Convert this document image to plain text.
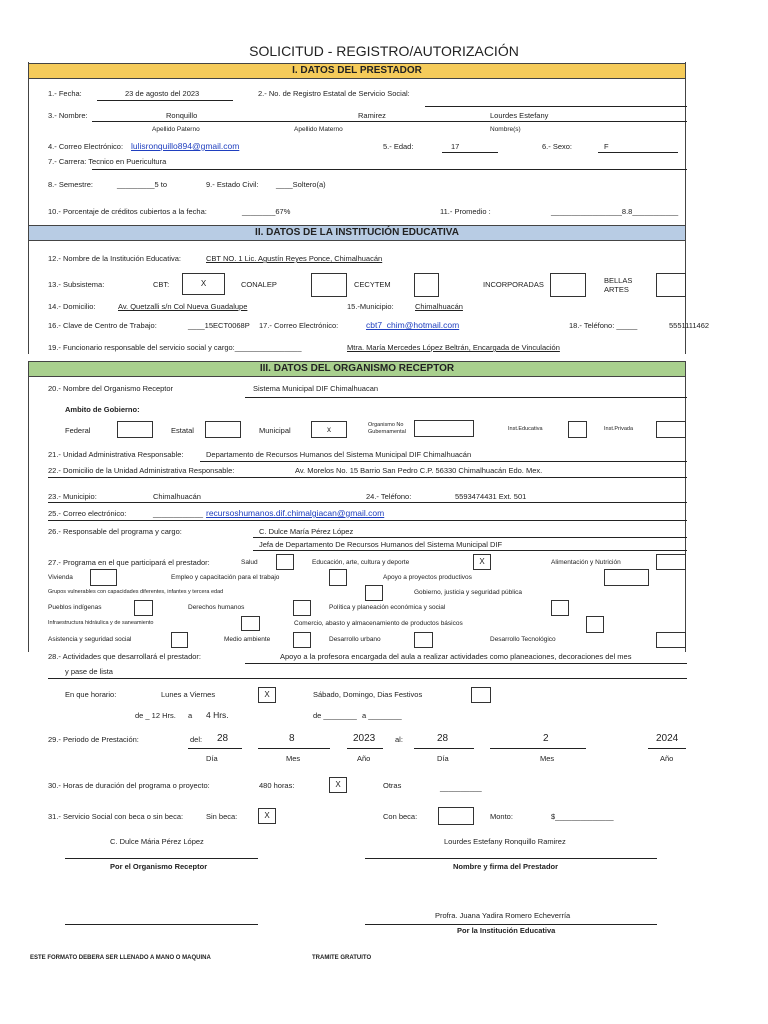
SOLICITUD - REGISTRO/AUTORIZACIÓN
I. DATOS DEL PRESTADOR
1.- Fecha:	23 de agosto del 2023	2.- No. de Registro Estatal de Servicio Social:
3.- Nombre:	Ronquillo	Ramirez	Lourdes Estefany
Apellido Paterno	Apellido Materno	Nombre(s)
4.- Correo Electrónico: lulisronquillo894@gmail.com	5.- Edad:	17	6.- Sexo:	F
7.- Carrera: Tecnico en Puericultura
8.- Semestre:	_________5 to	9.- Estado Civil: ____Soltero(a)
10.- Porcentaje de créditos cubiertos a la fecha:	________67%	11.- Promedio :	_________________8.8___________
II. DATOS DE LA INSTITUCIÓN EDUCATIVA
12.- Nombre de la Institución Educativa:	CBT NO. 1 Lic. Agustín Reyes Ponce, Chimalhuacán
13.- Subsistema:	CBT:	X	CONALEP	CECYTEM	INCORPORADAS	BELLAS
ARTES
14.- Domicilio:	Av. Quetzalli s/n Col Nueva Guadalupe	15.-Municipio:	Chimalhuacán
16.- Clave de Centro de Trabajo:	____15ECT0068P 17.- Correo Electrónico:	cbt7_chim@hotmail.com	18.- Teléfono: _____	5551111462
19.- Funcionario responsable del servicio social y cargo:________________	Mtra. María Mercedes López Beltrán, Encargada de Vinculación
III. DATOS DEL ORGANISMO RECEPTOR
20.- Nombre del Organismo Receptor	Sistema Municipal DIF Chimalhuacan
Ambito de Gobierno:
Federal	Estatal	Municipal	x	Organismo No
Gubernamental	Inst.Educativa	Inst.Privada
21.- Unidad Administrativa Responsable:	Departamento de Recursos Humanos del Sistema Municipal DIF Chimalhuacán
22.- Domicilio de la Unidad Administrativa Responsable:	Av. Morelos No. 15 Barrio San Pedro C.P. 56330 Chimalhuacán Edo. Mex.
23.- Municipio:	Chimalhuacán	24.- Teléfono:	5593474431 Ext. 501
25.- Correo electrónico:	____________ recursoshumanos.dif.chimalgiacan@gmail.com
26.- Responsable del programa y cargo:	C. Dulce María Pérez López
Jefa de Departamento De Recursos Humanos del Sistema Municipal DIF
27.- Programa en el que participará el prestador:	Salud	Educación, arte, cultura y deporte	X	Alimentación y Nutrición
Vivienda	Empleo y capacitación para el trabajo	Apoyo a proyectos productivos
Grupos vulnerables con capacidades diferentes, infantes y tercera edad	Gobierno, justicia y seguridad pública
Pueblos indígenas	Derechos humanos	Política y planeación económica y social
Infraestructura hidráulica y de saneamiento	Comercio, abasto y almacenamiento de productos básicos
Asistencia y seguridad social	Medio ambiente	Desarrollo urbano	Desarrollo Tecnológico
28.- Actividades que desarrollará el prestador:	Apoyo a la profesora encargada del aula a realizar actividades como planeaciones, decoraciones del mes
y pase de lista
En que horario:	Lunes a Viernes	X	Sábado, Domingo, Dias Festivos
de _ 12 Hrs. a 4 Hrs.	de ________ a ________
29.- Periodo de Prestación:	del: 28	8	2023	al:	28	2	2024
Día	Mes	Año	Día	Mes	Año
30.- Horas de duración del programa o proyecto:	480 horas:	X	Otras	__________
31.- Servicio Social con beca o sin beca:	Sin beca:	X	Con beca:	Monto:	$______________
C. Dulce Mária Pérez López	Lourdes Estefany Ronquillo Ramirez
Por el Organismo Receptor	Nombre y firma del Prestador
Profra. Juana Yadira Romero Echeverría
Por la Institución Educativa
ESTE FORMATO DEBERA SER LLENADO A MANO O MAQUINA	TRAMITE GRATUITO
